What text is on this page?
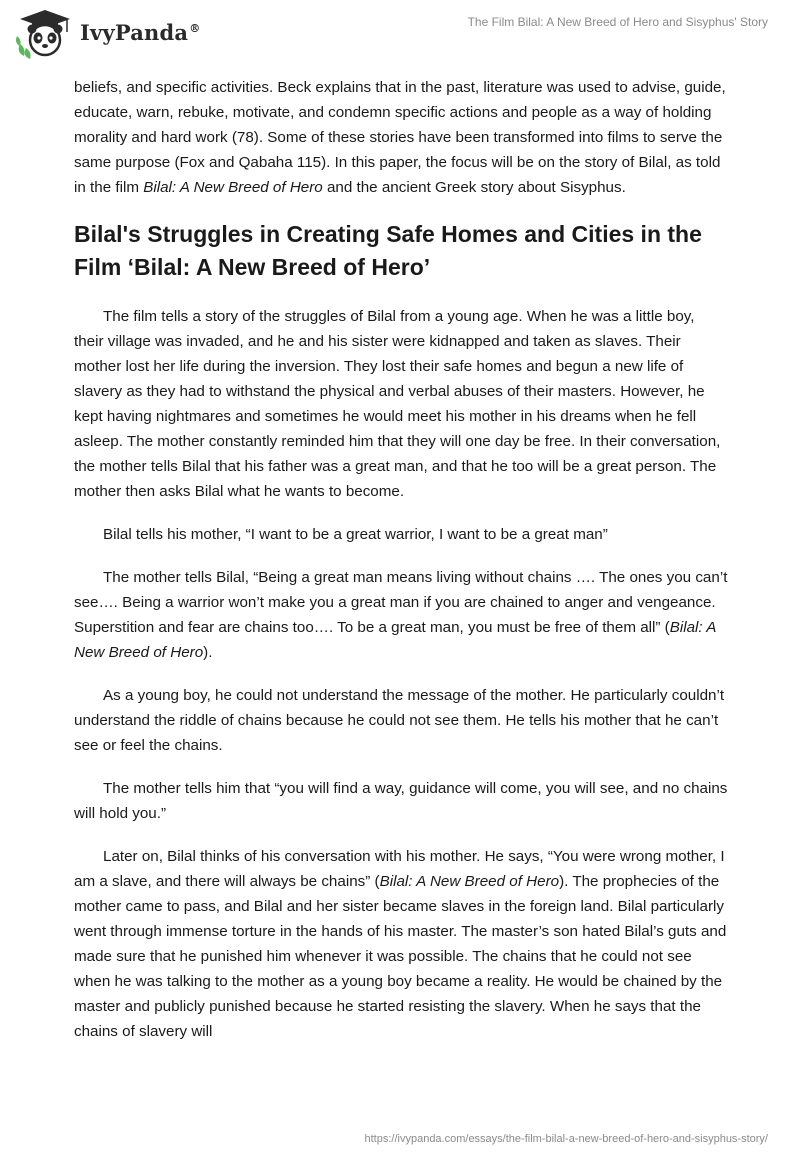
IvyPanda®	The Film Bilal: A New Breed of Hero and Sisyphus' Story

beliefs, and specific activities. Beck explains that in the past, literature was used to advise, guide, educate, warn, rebuke, motivate, and condemn specific actions and people as a way of holding morality and hard work (78). Some of these stories have been transformed into films to serve the same purpose (Fox and Qabaha 115). In this paper, the focus will be on the story of Bilal, as told in the film Bilal: A New Breed of Hero and the ancient Greek story about Sisyphus.

Bilal's Struggles in Creating Safe Homes and Cities in the Film ‘Bilal: A New Breed of Hero’

The film tells a story of the struggles of Bilal from a young age. When he was a little boy, their village was invaded, and he and his sister were kidnapped and taken as slaves. Their mother lost her life during the inversion. They lost their safe homes and begun a new life of slavery as they had to withstand the physical and verbal abuses of their masters. However, he kept having nightmares and sometimes he would meet his mother in his dreams when he fell asleep. The mother constantly reminded him that they will one day be free. In their conversation, the mother tells Bilal that his father was a great man, and that he too will be a great person. The mother then asks Bilal what he wants to become.

Bilal tells his mother, “I want to be a great warrior, I want to be a great man”

The mother tells Bilal, “Being a great man means living without chains …. The ones you can’t see…. Being a warrior won’t make you a great man if you are chained to anger and vengeance. Superstition and fear are chains too…. To be a great man, you must be free of them all” (Bilal: A New Breed of Hero).

As a young boy, he could not understand the message of the mother. He particularly couldn’t understand the riddle of chains because he could not see them. He tells his mother that he can’t see or feel the chains.

The mother tells him that “you will find a way, guidance will come, you will see, and no chains will hold you.”

Later on, Bilal thinks of his conversation with his mother. He says, “You were wrong mother, I am a slave, and there will always be chains” (Bilal: A New Breed of Hero). The prophecies of the mother came to pass, and Bilal and her sister became slaves in the foreign land. Bilal particularly went through immense torture in the hands of his master. The master’s son hated Bilal’s guts and made sure that he punished him whenever it was possible. The chains that he could not see when he was talking to the mother as a young boy became a reality. He would be chained by the master and publicly punished because he started resisting the slavery. When he says that the chains of slavery will

https://ivypanda.com/essays/the-film-bilal-a-new-breed-of-hero-and-sisyphus-story/
